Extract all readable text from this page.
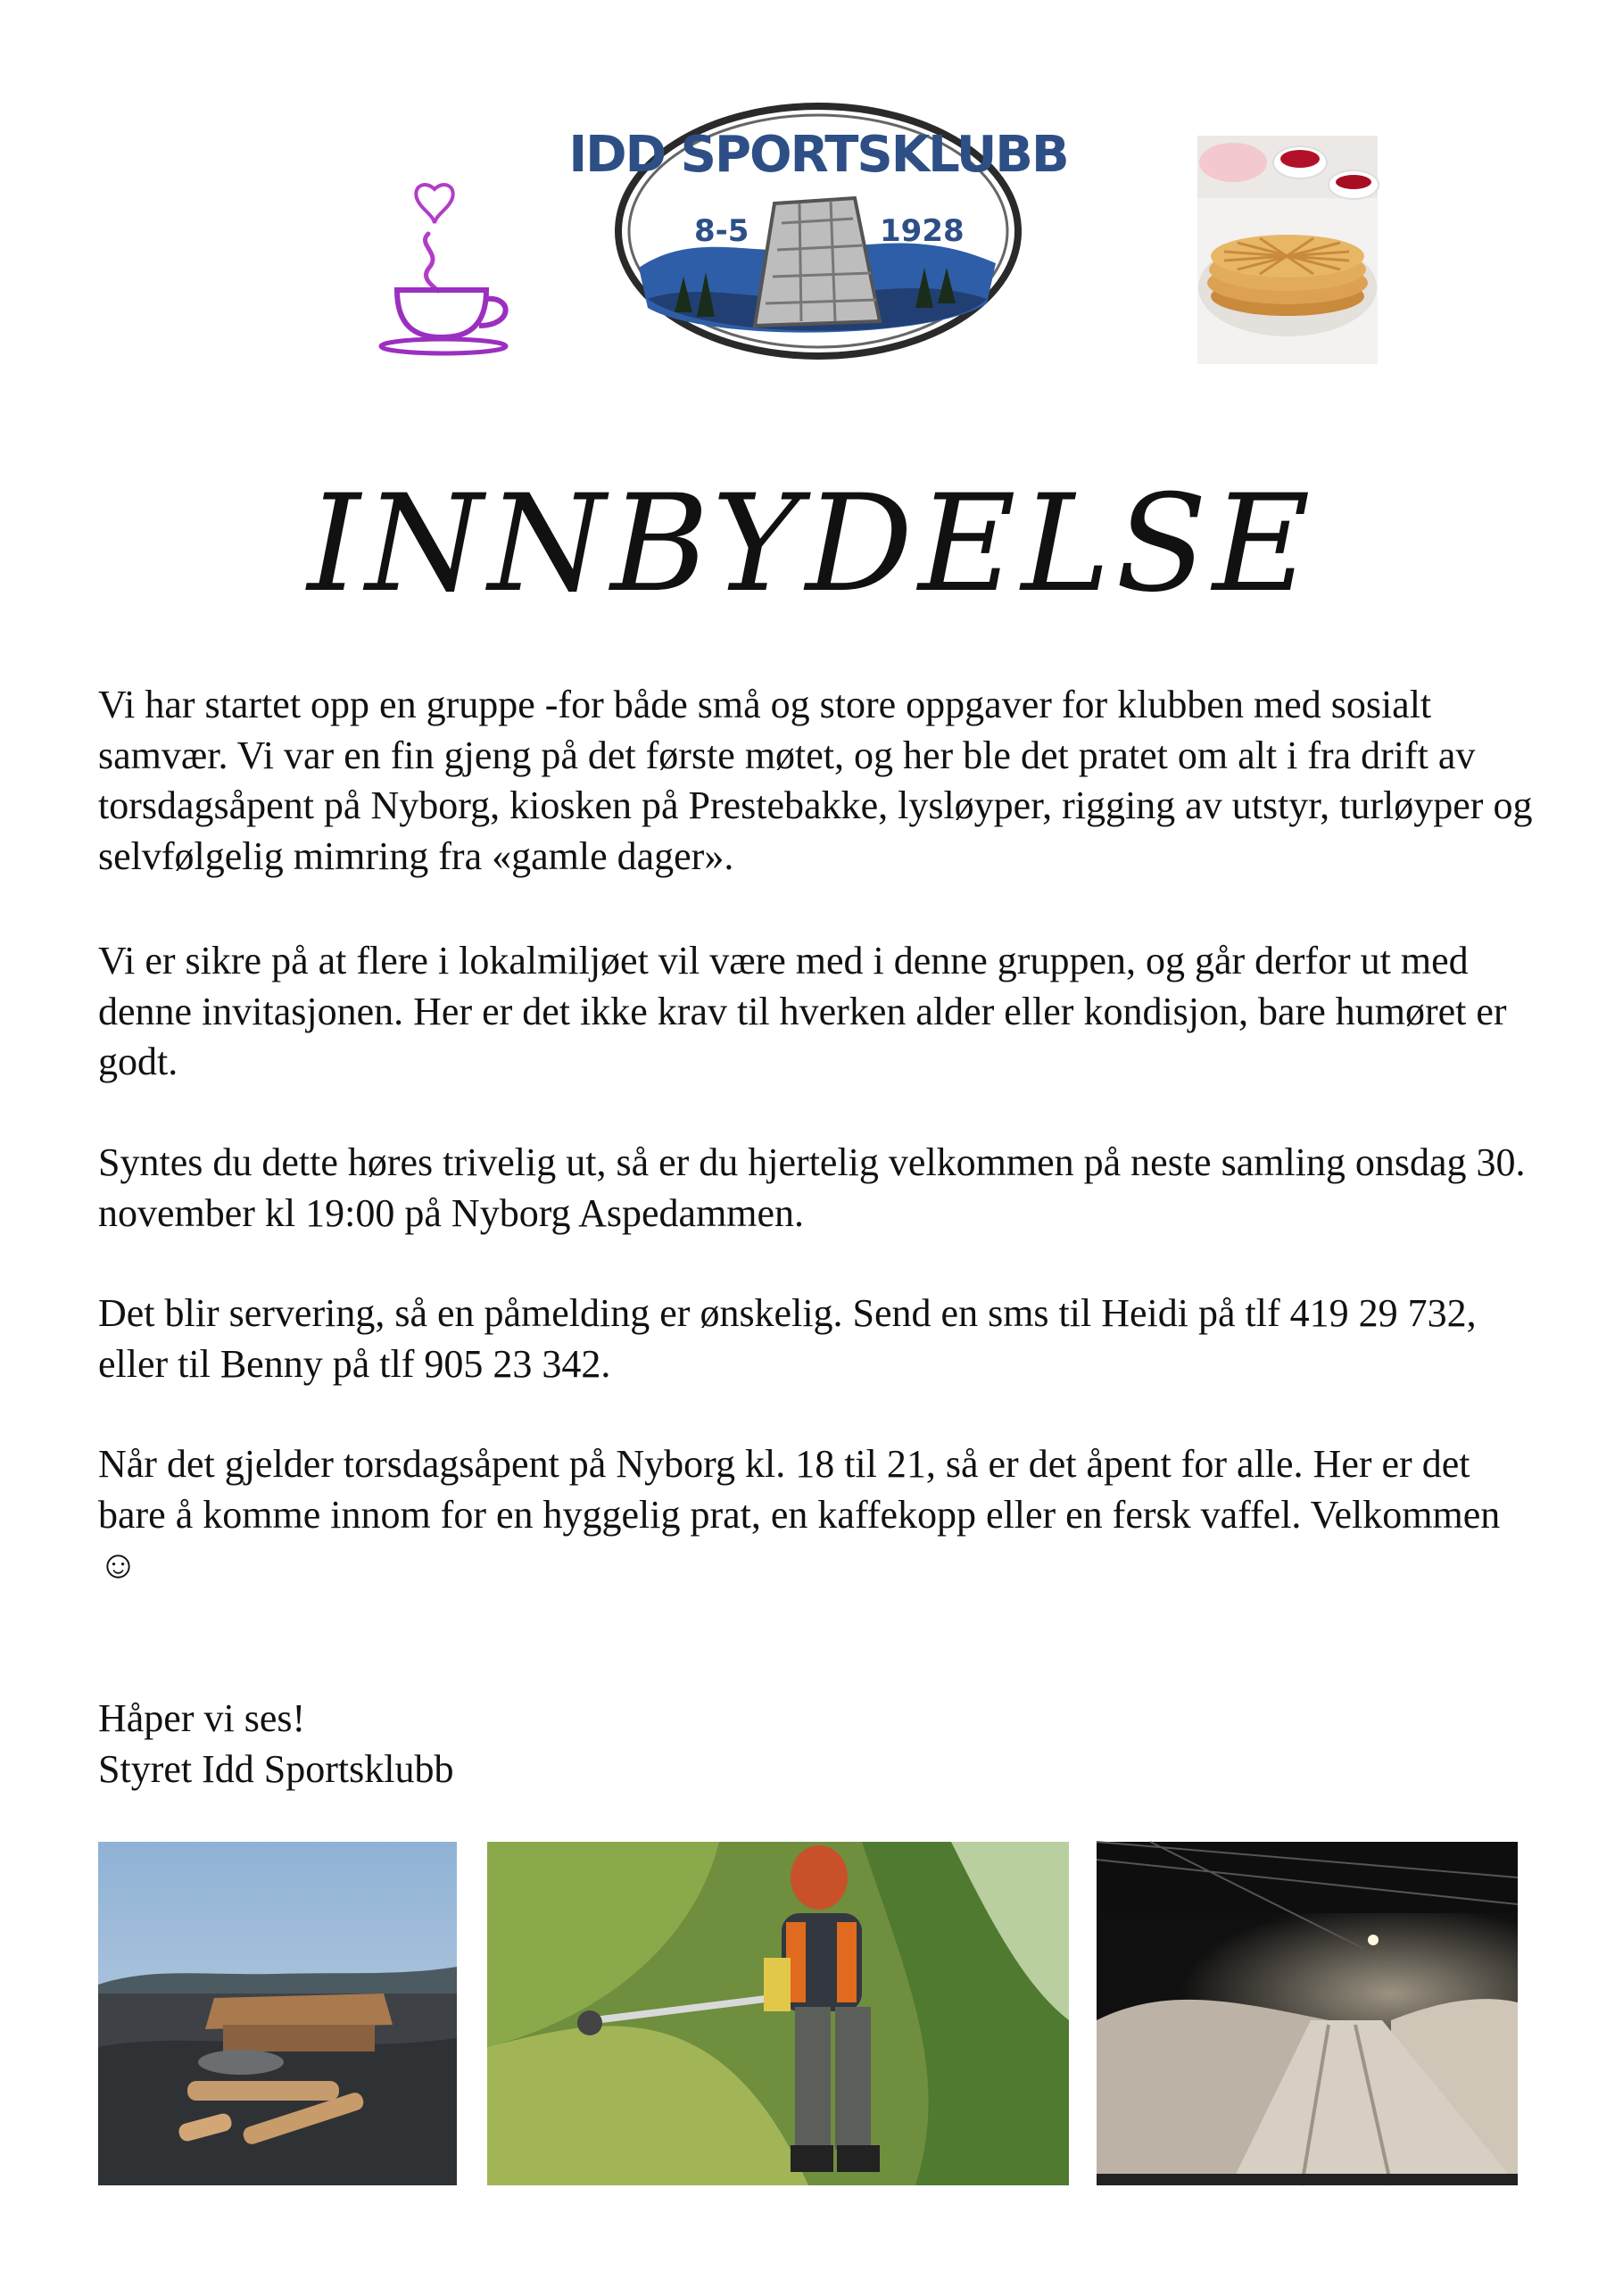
IDD SPORTSKLUBB
8-5	1928
INNBYDELSE
Vi har startet opp en gruppe -for både små og store oppgaver for klubben med sosialt samvær. Vi var en fin gjeng på det første møtet, og her ble det pratet om alt i fra drift av torsdagsåpent på Nyborg, kiosken på Prestebakke, lysløyper, rigging av utstyr, turløyper og selvfølgelig mimring fra «gamle dager».
Vi er sikre på at flere i lokalmiljøet vil være med i denne gruppen, og går derfor ut med denne invitasjonen. Her er det ikke krav til hverken alder eller kondisjon, bare humøret er godt.
Syntes du dette høres trivelig ut, så er du hjertelig velkommen på neste samling onsdag 30. november kl 19:00 på Nyborg Aspedammen.
Det blir servering, så en påmelding er ønskelig. Send en sms til Heidi på tlf 419 29 732, eller til Benny på tlf 905 23 342.
Når det gjelder torsdagsåpent på Nyborg kl. 18 til 21, så er det åpent for alle. Her er det bare å komme innom for en hyggelig prat, en kaffekopp eller en fersk vaffel. Velkommen ☺
Håper vi ses!
Styret Idd Sportsklubb
